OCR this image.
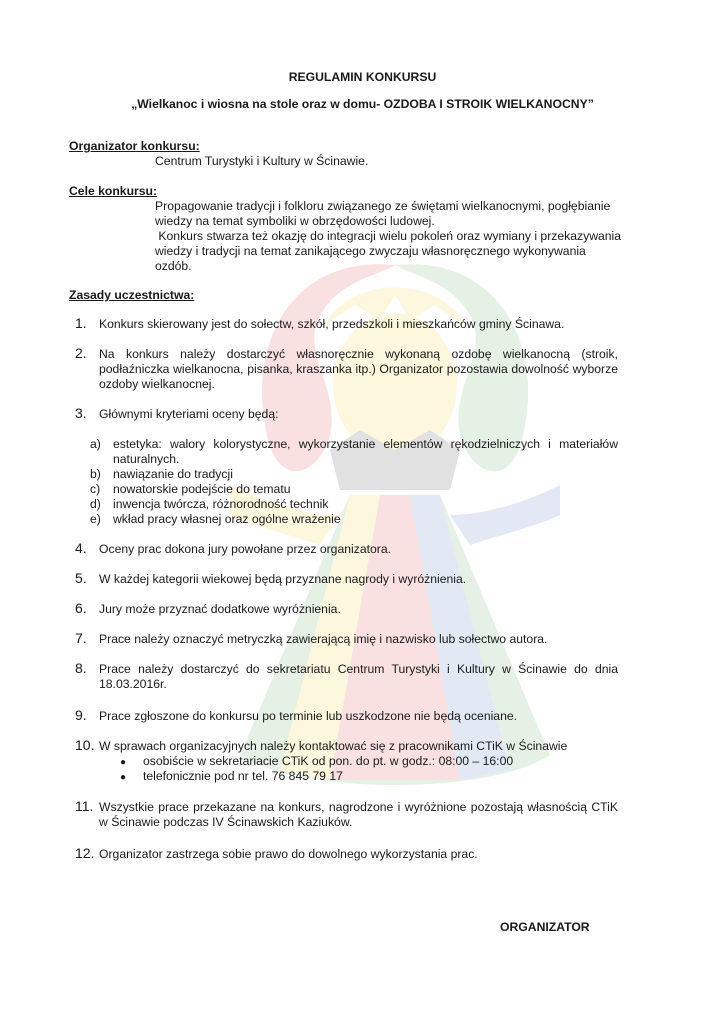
REGULAMIN KONKURSU
„Wielkanoc i wiosna na stole oraz w domu- OZDOBA I STROIK WIELKANOCNY”
Organizator konkursu:
Centrum Turystyki i Kultury w Ścinawie.
Cele konkursu:
Propagowanie tradycji i folkloru związanego ze świętami wielkanocnymi, pogłębianie
wiedzy na temat symboliki w obrzędowości ludowej.
Konkurs stwarza też okazję do integracji wielu pokoleń oraz wymiany i przekazywania
wiedzy i tradycji na temat zanikającego zwyczaju własnoręcznego wykonywania
ozdób.
Zasady uczestnictwa:
1. Konkurs skierowany jest do sołectw, szkół, przedszkoli i mieszkańców gminy Ścinawa.
2. Na konkurs należy dostarczyć własnoręcznie wykonaną ozdobę wielkanocną (stroik, podłaźniczka wielkanocna, pisanka, kraszanka itp.) Organizator pozostawia dowolność wyborze ozdoby wielkanocnej.
3. Głównymi kryteriami oceny będą:
a) estetyka: walory kolorystyczne, wykorzystanie elementów rękodzielniczych i materiałów naturalnych.
b) nawiązanie do tradycji
c) nowatorskie podejście do tematu
d) inwencja twórcza, różnorodność technik
e) wkład pracy własnej oraz ogólne wrażenie
4. Oceny prac dokona jury powołane przez organizatora.
5. W każdej kategorii wiekowej będą przyznane nagrody i wyróżnienia.
6. Jury może przyznać dodatkowe wyróżnienia.
7. Prace należy oznaczyć metryczką zawierającą imię i nazwisko lub sołectwo autora.
8. Prace należy dostarczyć do sekretariatu Centrum Turystyki i Kultury w Ścinawie do dnia 18.03.2016r.
9. Prace zgłoszone do konkursu po terminie lub uszkodzone nie będą oceniane.
10. W sprawach organizacyjnych należy kontaktować się z pracownikami CTiK w Ścinawie
● osobiście w sekretariacie CTiK od pon. do pt. w godz.: 08:00 – 16:00
● telefonicznie pod nr tel. 76 845 79 17
11. Wszystkie prace przekazane na konkurs, nagrodzone i wyróżnione pozostają własnością CTiK w Ścinawie podczas IV Ścinawskich Kaziuków.
12. Organizator zastrzega sobie prawo do dowolnego wykorzystania prac.
ORGANIZATOR
